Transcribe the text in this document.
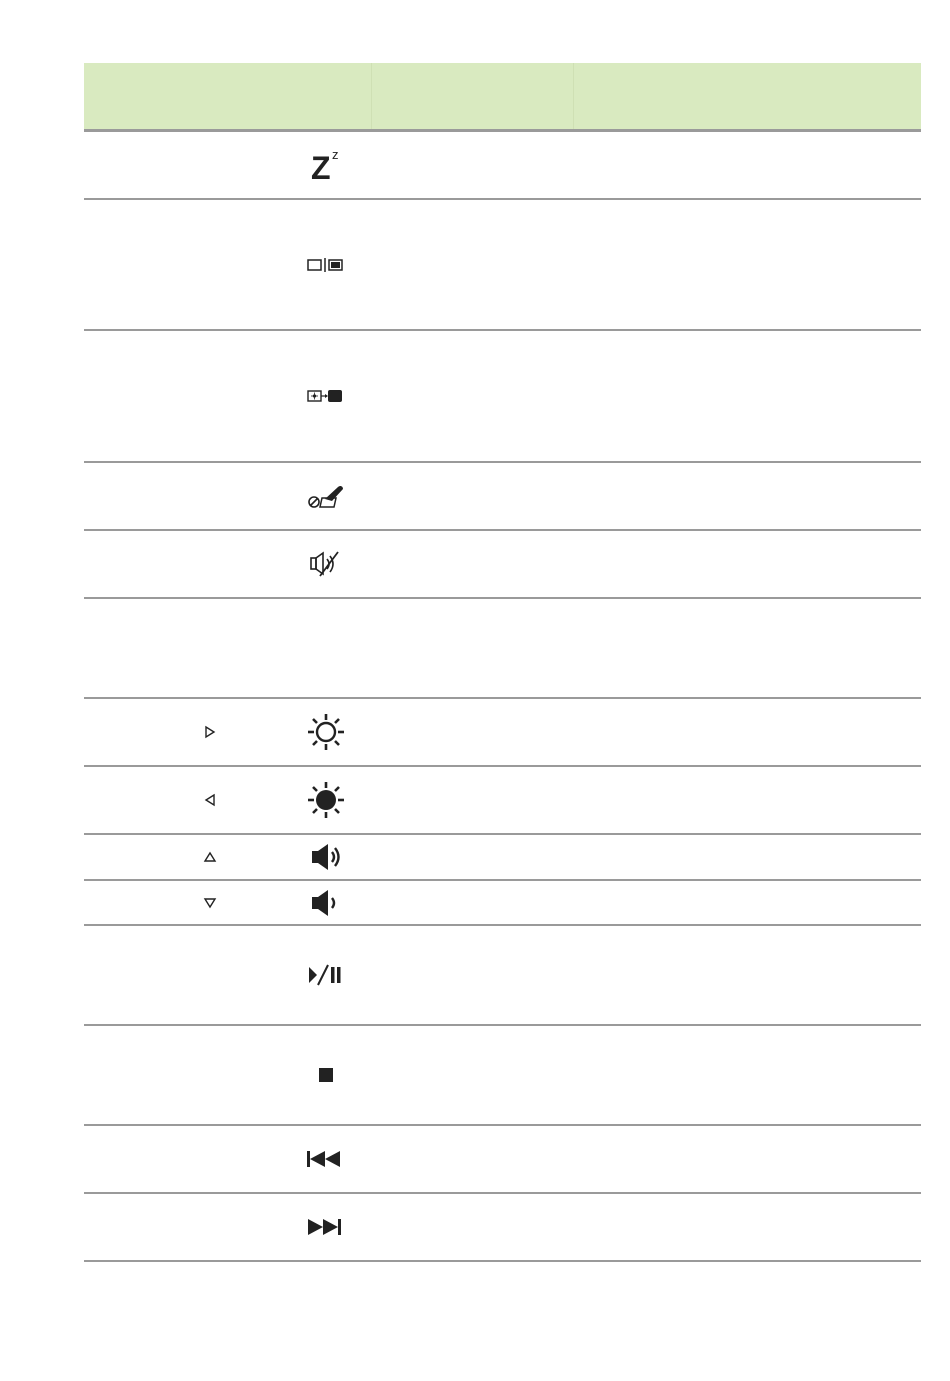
Z z
